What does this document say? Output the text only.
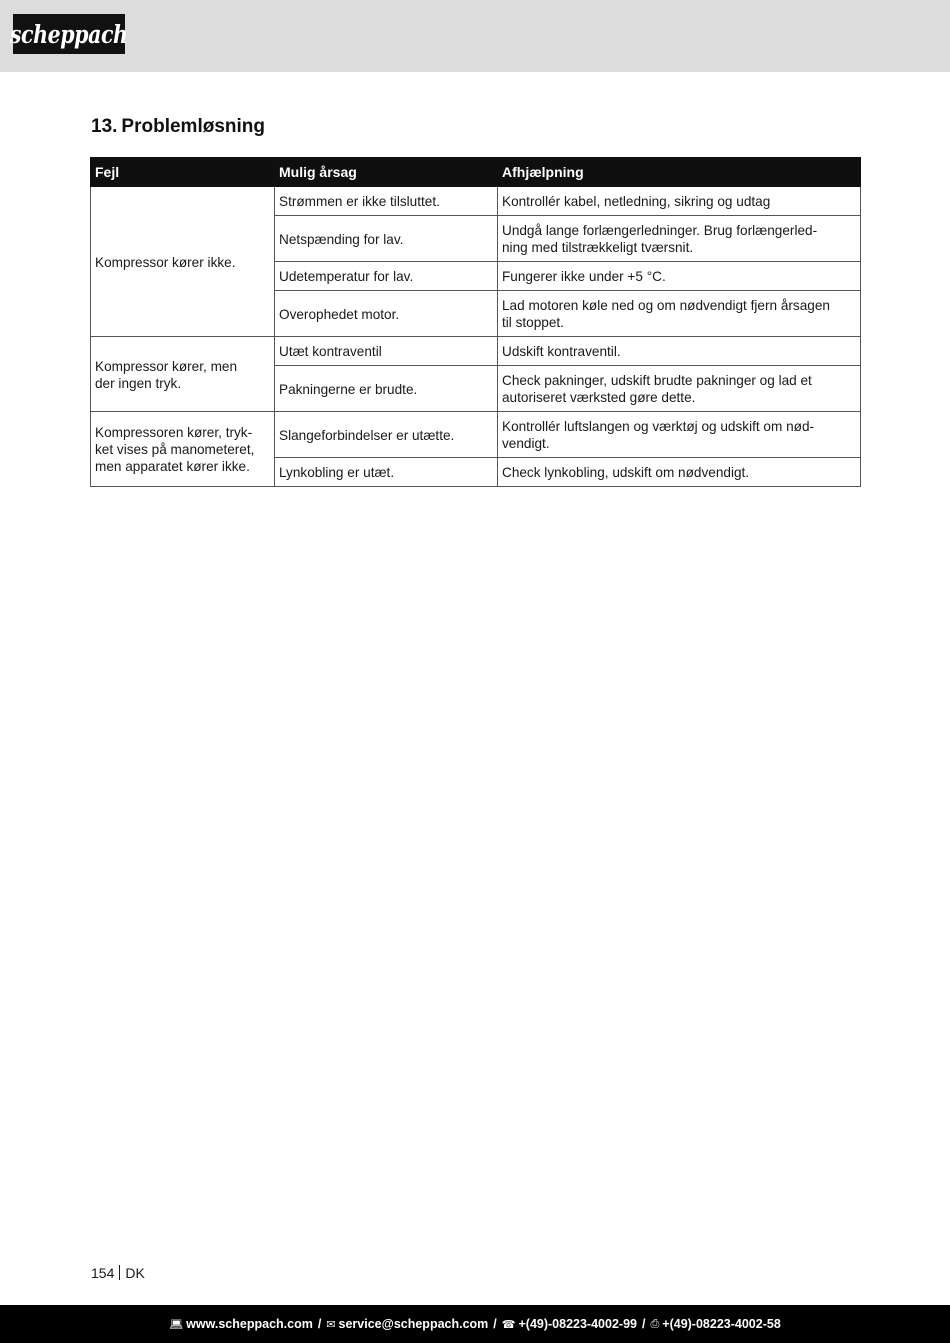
scheppach
13. Problemløsning
Fejl	Mulig årsag	Afhjælpning
Kompressor kører ikke.	Strømmen er ikke tilsluttet.	Kontrollér kabel, netledning, sikring og udtag
	Netspænding for lav.	Undgå lange forlængerledninger. Brug forlængerled-
ning med tilstrækkeligt tværsnit.
	Udetemperatur for lav.	Fungerer ikke under +5 °C.
	Overophedet motor.	Lad motoren køle ned og om nødvendigt fjern årsagen
til stoppet.
Kompressor kører, men
der ingen tryk.	Utæt kontraventil	Udskift kontraventil.
	Pakningerne er brudte.	Check pakninger, udskift brudte pakninger og lad et
autoriseret værksted gøre dette.
Kompressoren kører, tryk-
ket vises på manometeret,
men apparatet kører ikke.	Slangeforbindelser er utætte.	Kontrollér luftslangen og værktøj og udskift om nød-
vendigt.
	Lynkobling er utæt.	Check lynkobling, udskift om nødvendigt.
154 DK
💻︎ www.scheppach.com / ✉︎ service@scheppach.com / ☎︎ +(49)-08223-4002-99 / ⎙ +(49)-08223-4002-58
